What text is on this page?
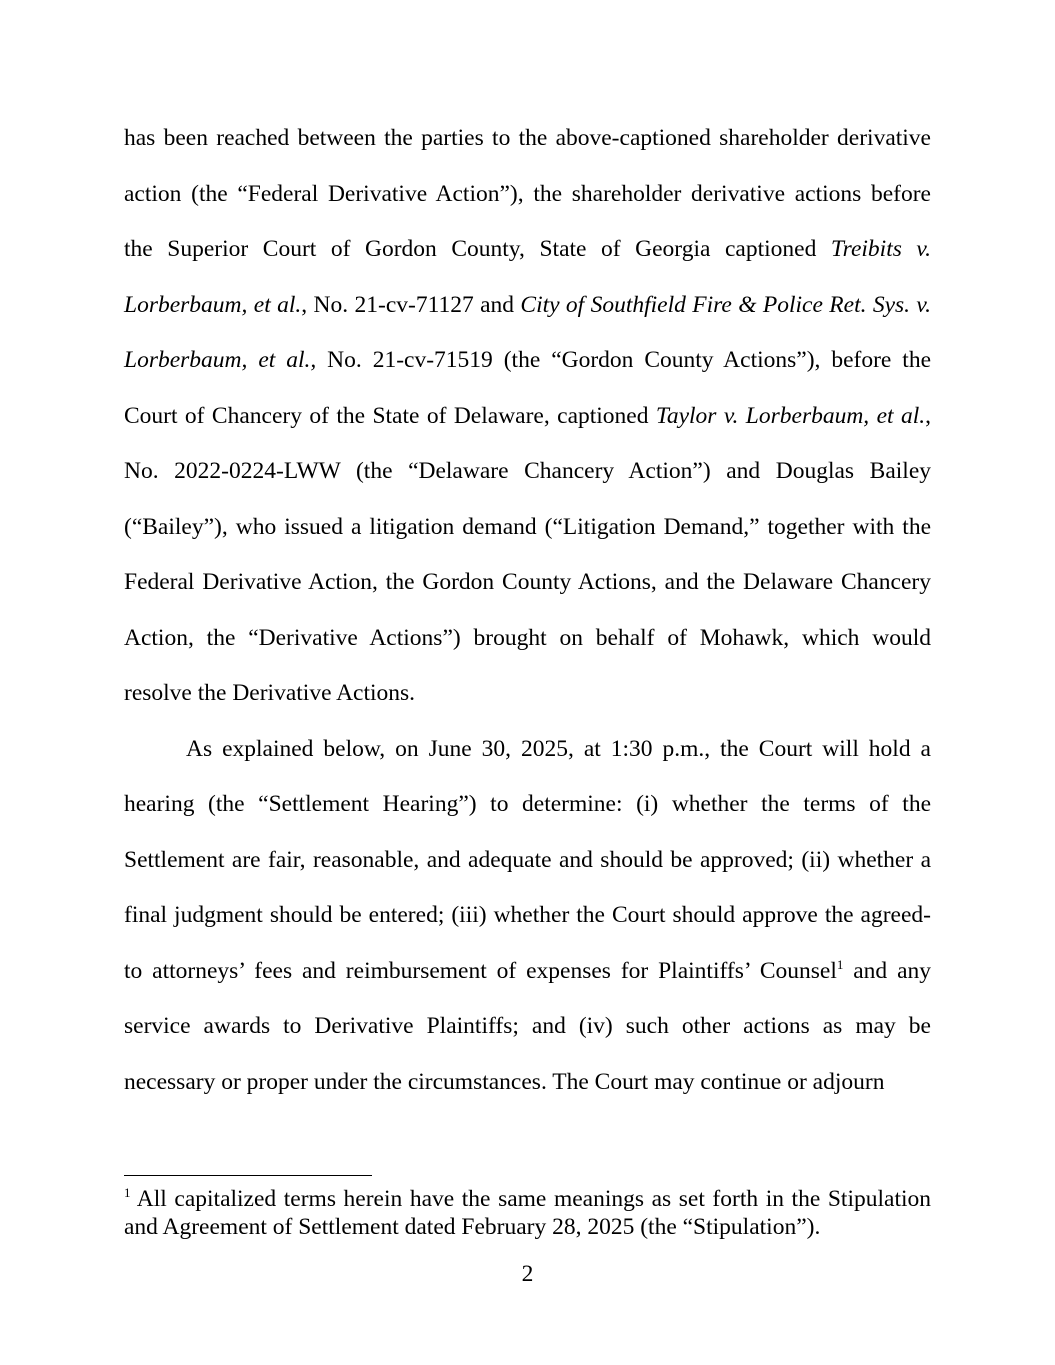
has been reached between the parties to the above-captioned shareholder derivative action (the “Federal Derivative Action”), the shareholder derivative actions before the Superior Court of Gordon County, State of Georgia captioned Treibits v. Lorberbaum, et al., No. 21-cv-71127 and City of Southfield Fire & Police Ret. Sys. v. Lorberbaum, et al., No. 21-cv-71519 (the “Gordon County Actions”), before the Court of Chancery of the State of Delaware, captioned Taylor v. Lorberbaum, et al., No. 2022-0224-LWW (the “Delaware Chancery Action”) and Douglas Bailey (“Bailey”), who issued a litigation demand (“Litigation Demand,” together with the Federal Derivative Action, the Gordon County Actions, and the Delaware Chancery Action, the “Derivative Actions”) brought on behalf of Mohawk, which would resolve the Derivative Actions.

As explained below, on June 30, 2025, at 1:30 p.m., the Court will hold a hearing (the “Settlement Hearing”) to determine: (i) whether the terms of the Settlement are fair, reasonable, and adequate and should be approved; (ii) whether a final judgment should be entered; (iii) whether the Court should approve the agreed-to attorneys’ fees and reimbursement of expenses for Plaintiffs’ Counsel$^1$ and any service awards to Derivative Plaintiffs; and (iv) such other actions as may be necessary or proper under the circumstances. The Court may continue or adjourn

$^1$ All capitalized terms herein have the same meanings as set forth in the Stipulation and Agreement of Settlement dated February 28, 2025 (the “Stipulation”).

2
